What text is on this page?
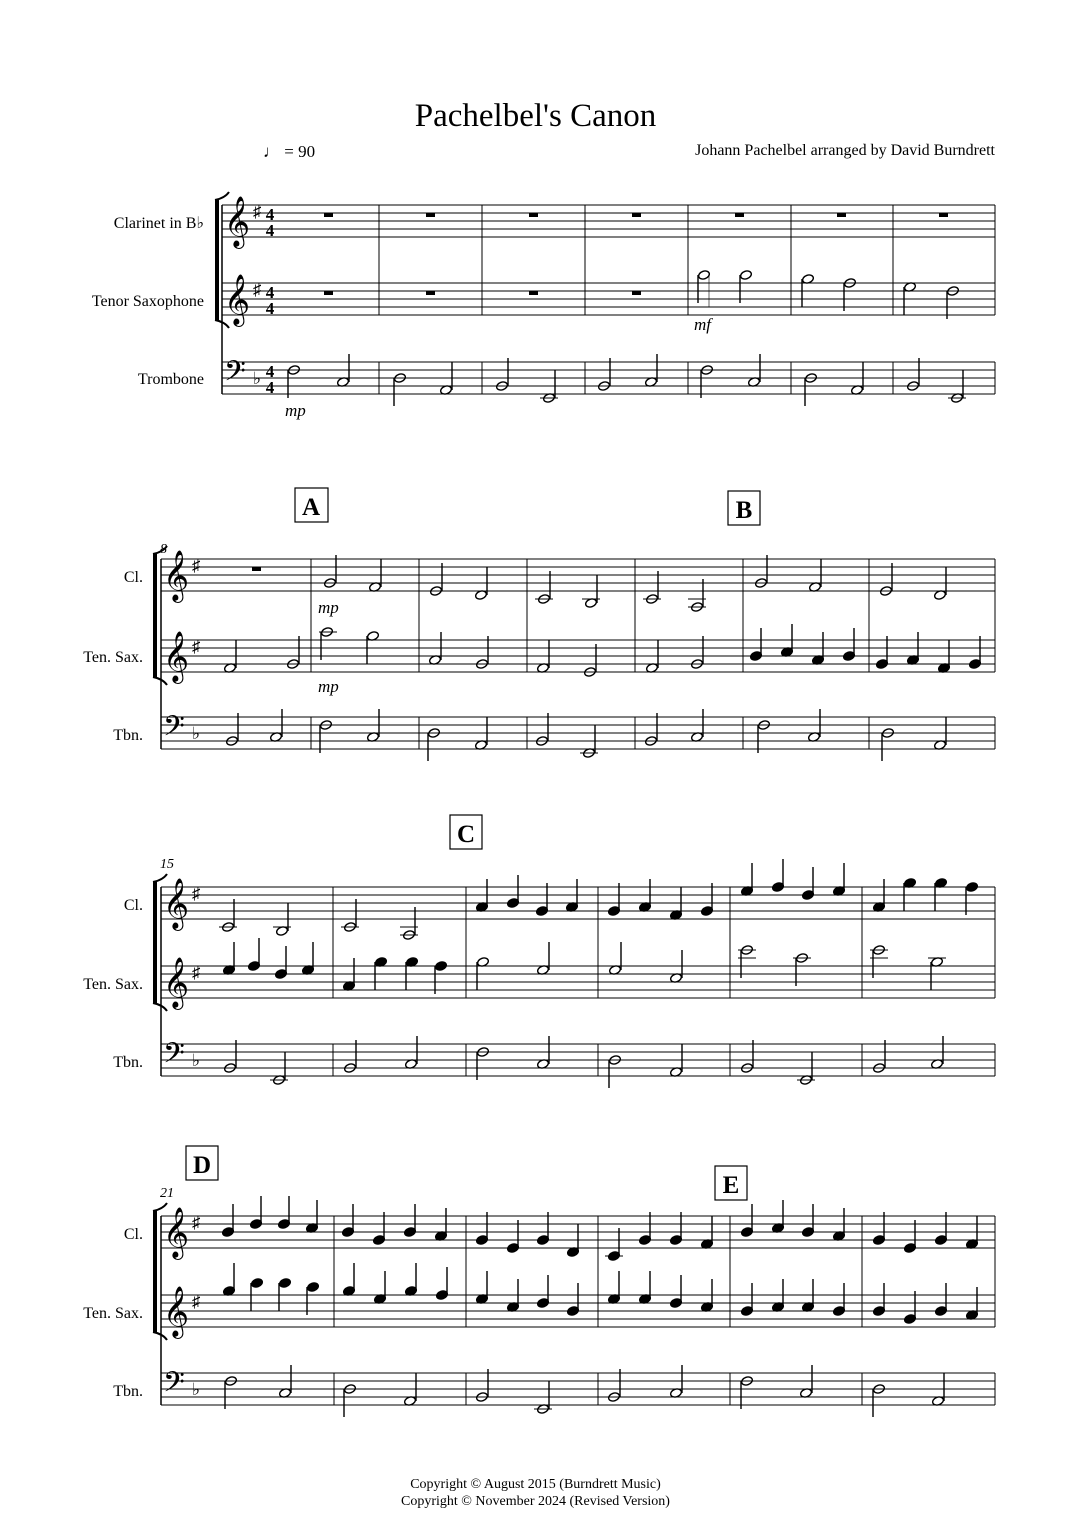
Pachelbel's Canon
♩ = 90	Johann Pachelbel arranged by David Burndrett
Copyright © August 2015 (Burndrett Music)
Copyright © November 2024 (Revised Version)
Clarinet in B♭
Tenor Saxophone
Trombone
𝄞
𝄞
𝄢
♯
♯
♭
4
4
4
4
4
4
mp
mf
A	B
8
Cl.
Ten. Sax.
Tbn.
𝄞
𝄞
𝄢
♯
♯
♭
mp
mp
C
15
Cl.
Ten. Sax.
Tbn.
𝄞
𝄞
𝄢
♯
♯
♭
D
E
21
Cl.
Ten. Sax.
Tbn.
𝄞
𝄞
𝄢
♯
♯
♭
